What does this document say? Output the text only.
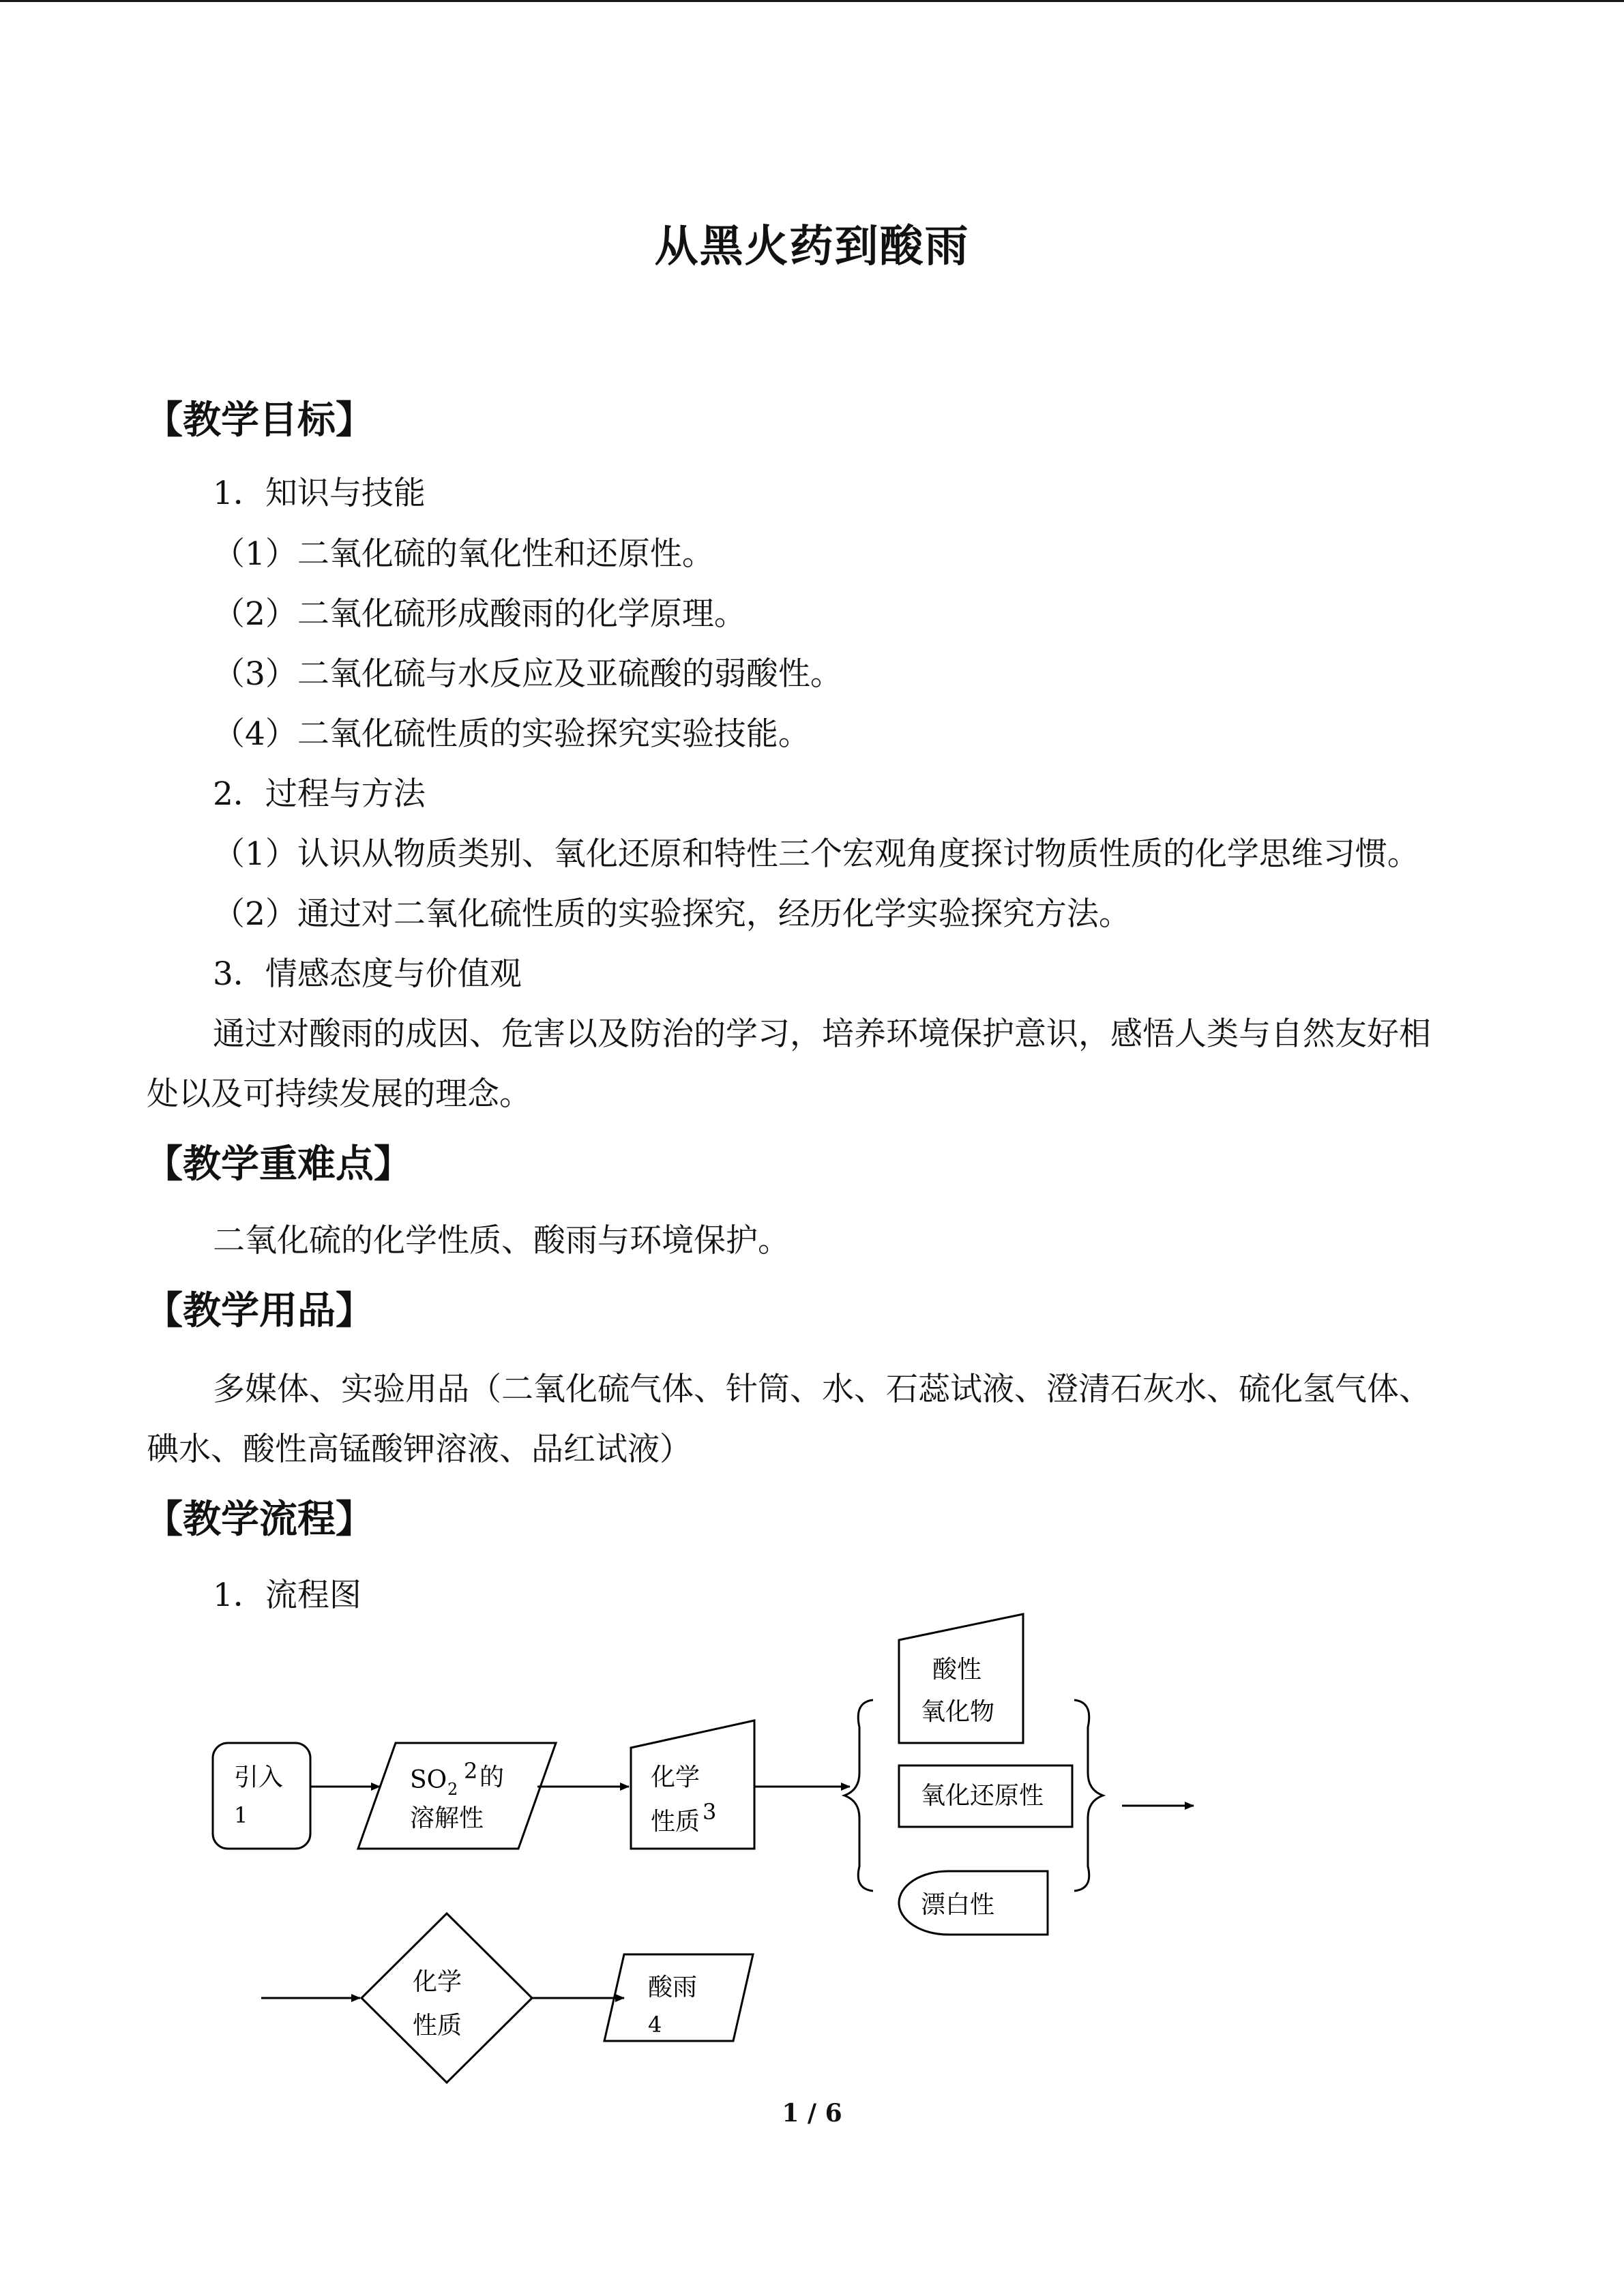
从黑火药到酸雨
【教学目标】
1．知识与技能
（1）二氧化硫的氧化性和还原性。
（2）二氧化硫形成酸雨的化学原理。
（3）二氧化硫与水反应及亚硫酸的弱酸性。
（4）二氧化硫性质的实验探究实验技能。
2．过程与方法
（1）认识从物质类别、氧化还原和特性三个宏观角度探讨物质性质的化学思维习惯。
（2）通过对二氧化硫性质的实验探究，经历化学实验探究方法。
3．情感态度与价值观
通过对酸雨的成因、危害以及防治的学习，培养环境保护意识，感悟人类与自然友好相
处以及可持续发展的理念。
【教学重难点】
二氧化硫的化学性质、酸雨与环境保护。
【教学用品】
多媒体、实验用品（二氧化硫气体、针筒、水、石蕊试液、澄清石灰水、硫化氢气体、
碘水、酸性高锰酸钾溶液、品红试液）
【教学流程】
1．流程图
引入
1
SO 2
2 的
溶解性
化学
性质 3
酸性
氧化物
氧化还原性
漂白性
化学
性质
酸雨
4
1 / 6
